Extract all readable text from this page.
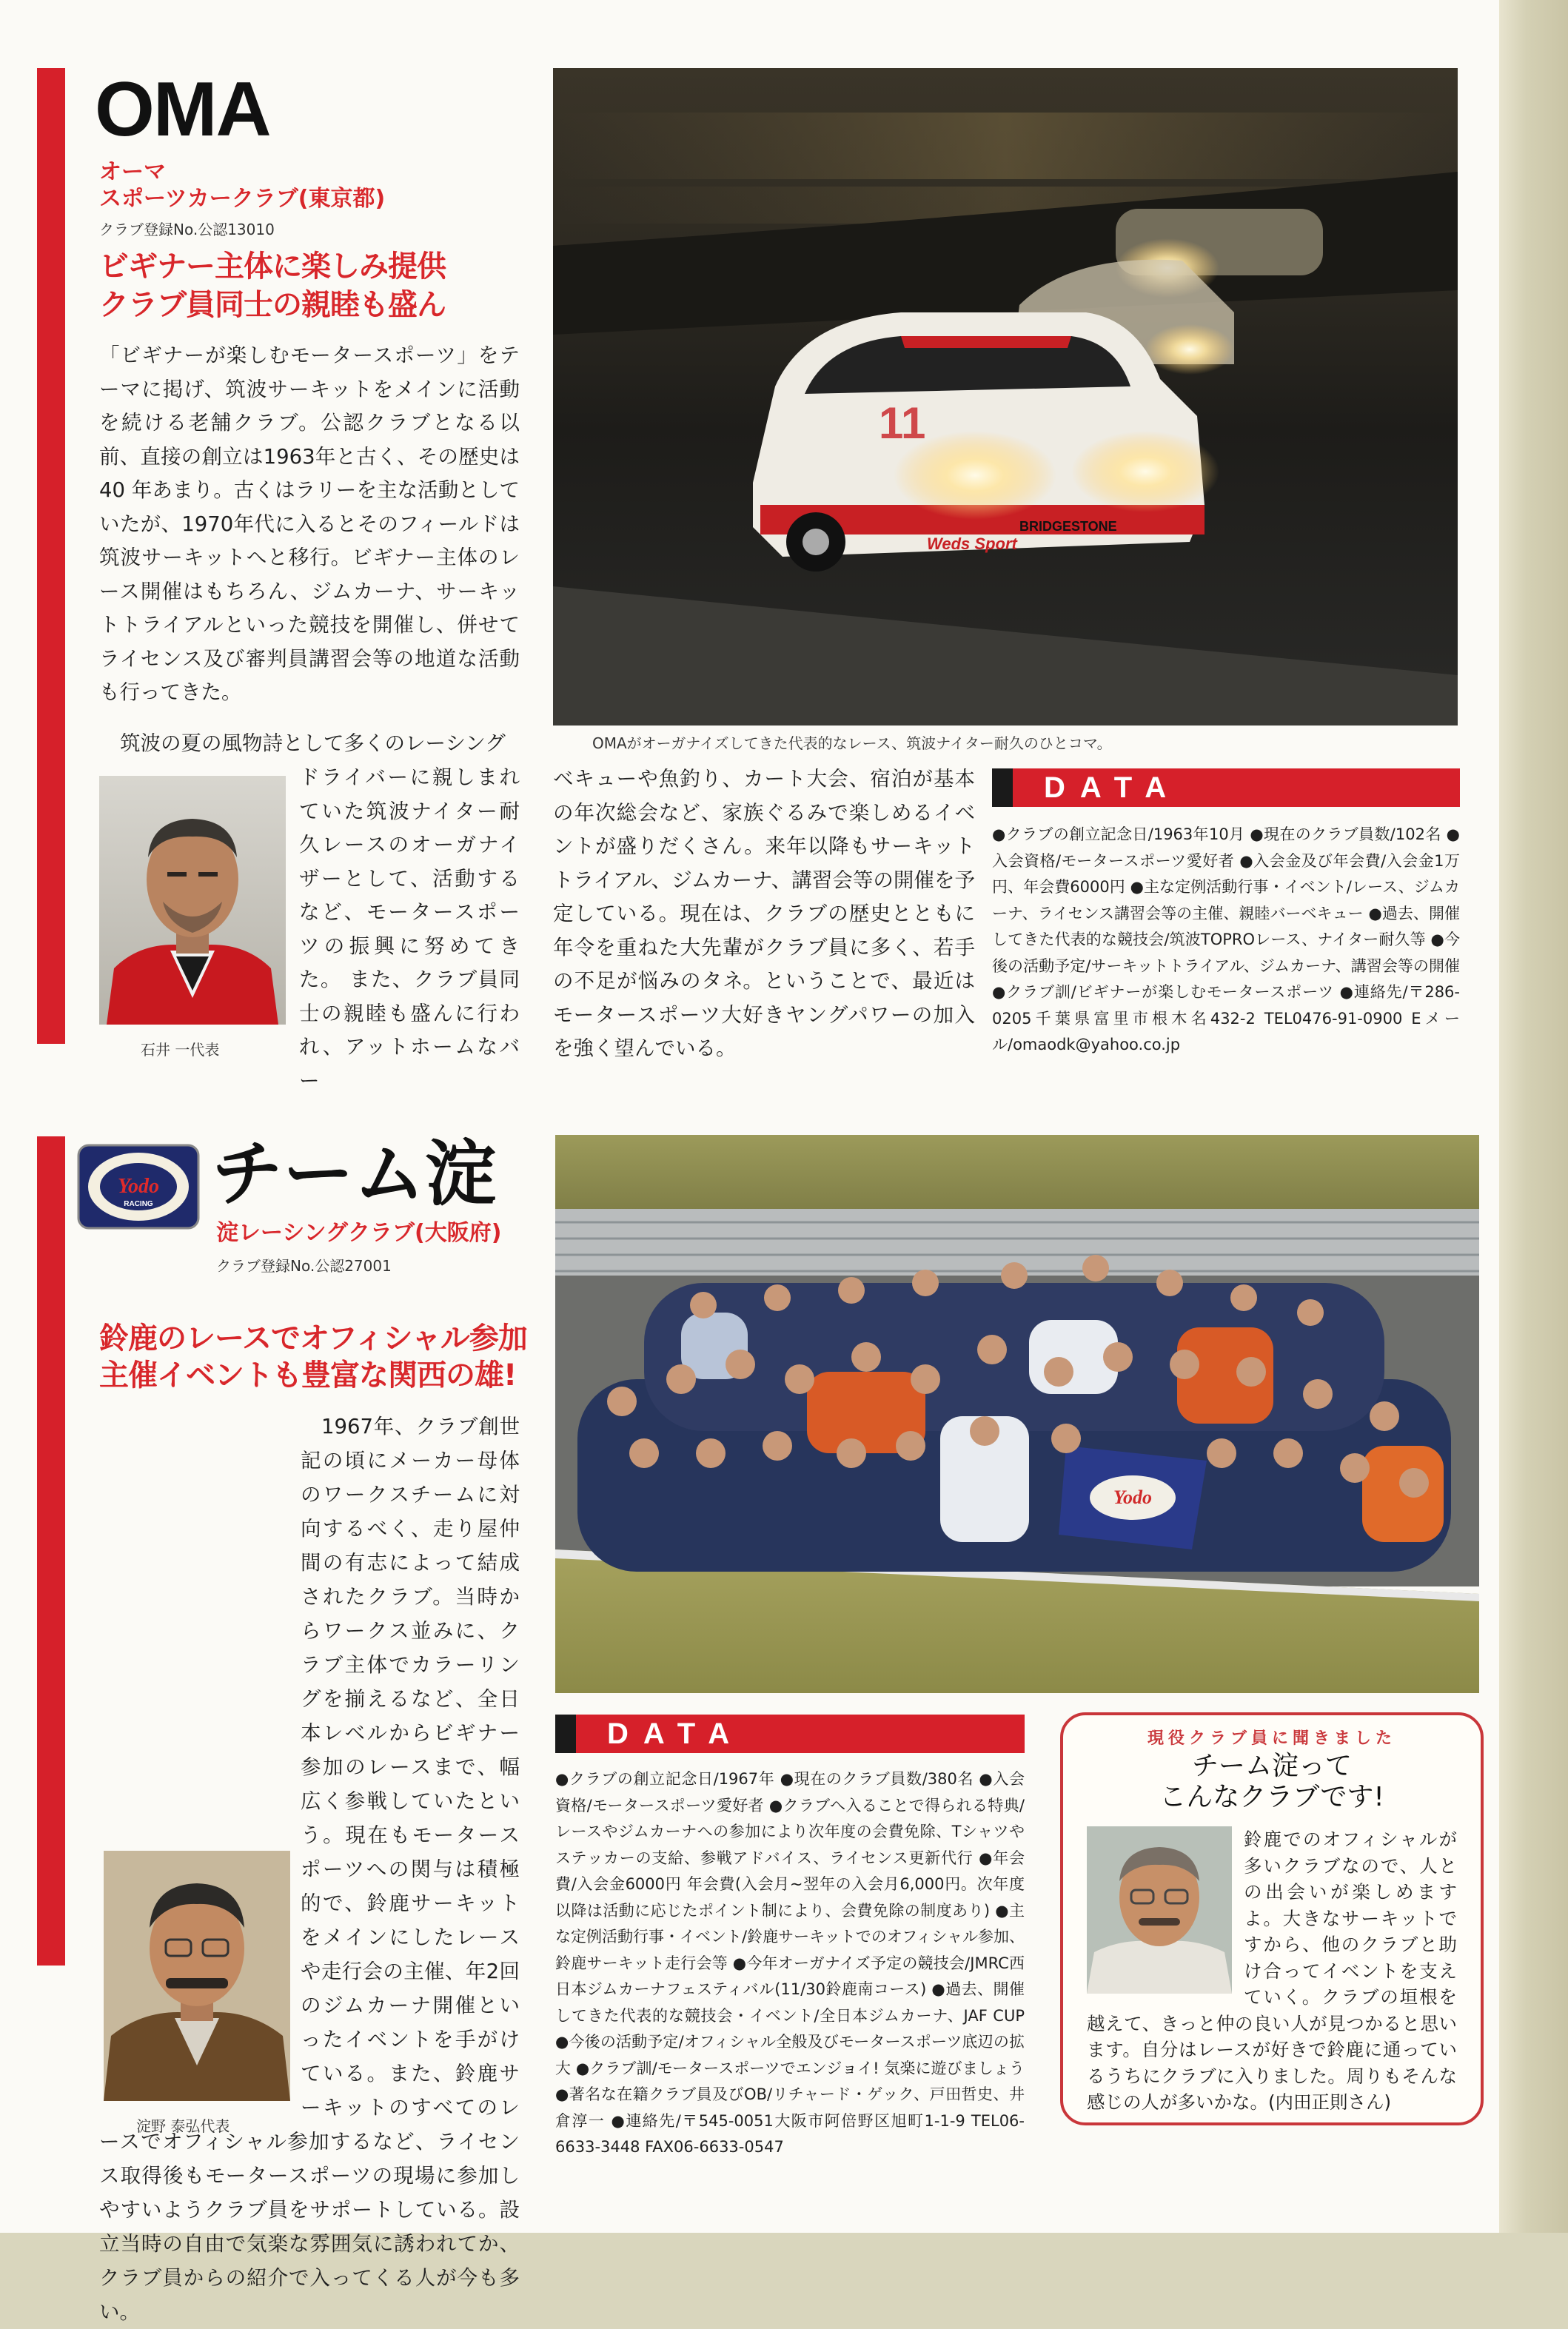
OMA

オーマ

スポーツカークラブ(東京都)

クラブ登録No.公認13010

ビギナー主体に楽しみ提供

クラブ員同士の親睦も盛ん

「ビギナーが楽しむモータースポーツ」をテーマに掲げ、筑波サーキットをメインに活動を続ける老舗クラブ。公認クラブとなる以前、直接の創立は1963年と古く、その歴史は40 年あまり。古くはラリーを主な活動としていたが、1970年代に入るとそのフィールドは筑波サーキットへと移行。ビギナー主体のレース開催はもちろん、ジムカーナ、サーキットトライアルといった競技を開催し、併せてライセンス及び審判員講習会等の地道な活動も行ってきた。
筑波の夏の風物詩として多くのレーシング
ドライバーに親しまれていた筑波ナイター耐久レースのオーガナイザーとして、活動するなど、モータースポーツの振興に努めてきた。 また、クラブ員同士の親睦も盛んに行われ、アットホームなバー
石井 一代表
Weds Sport
BRIDGESTONE
11
OMAがオーガナイズしてきた代表的なレース、筑波ナイター耐久のひとコマ。
ベキューや魚釣り、カート大会、宿泊が基本の年次総会など、家族ぐるみで楽しめるイベントが盛りだくさん。来年以降もサーキットトライアル、ジムカーナ、講習会等の開催を予定している。現在は、クラブの歴史とともに年令を重ねた大先輩がクラブ員に多く、若手の不足が悩みのタネ。ということで、最近はモータースポーツ大好きヤングパワーの加入を強く望んでいる。
DATA
●クラブの創立記念日/1963年10月 ●現在のクラブ員数/102名 ●入会資格/モータースポーツ愛好者 ●入会金及び年会費/入会金1万円、年会費6000円 ●主な定例活動行事・イベント/レース、ジムカーナ、ライセンス講習会等の主催、親睦バーベキュー ●過去、開催してきた代表的な競技会/筑波TOPROレース、ナイター耐久等 ●今後の活動予定/サーキットトライアル、ジムカーナ、講習会等の開催 ●クラブ訓/ビギナーが楽しむモータースポーツ ●連絡先/〒286-0205千葉県富里市根木名432-2 TEL0476-91-0900 Eメール/omaodk@yahoo.co.jp
Yodo
RACING チーム淀

淀レーシングクラブ(大阪府)

クラブ登録No.公認27001

鈴鹿のレースでオフィシャル参加

主催イベントも豊富な関西の雄!

1967年、クラブ創世記の頃にメーカー母体のワークスチームに対向するべく、走り屋仲間の有志によって結成されたクラブ。当時からワークス並みに、クラブ主体でカラーリングを揃えるなど、全日本レベルからビギナー参加のレースまで、幅広く参戦していたという。現在もモータースポーツへの関与は積極的で、鈴鹿サーキットをメインにしたレースや走行会の主催、年2回のジムカーナ開催といったイベントを手がけている。また、鈴鹿サーキットのすべてのレースでオフィシャル参加するなど、ライセンス取得後もモータースポーツの現場に参加しやすいようクラブ員をサポートしている。設立当時の自由で気楽な雰囲気に誘われてか、クラブ員からの紹介で入ってくる人が今も多い。
淀野 泰弘代表
Yodo
DATA
●クラブの創立記念日/1967年 ●現在のクラブ員数/380名 ●入会資格/モータースポーツ愛好者 ●クラブへ入ることで得られる特典/レースやジムカーナへの参加により次年度の会費免除、Tシャツやステッカーの支給、参戦アドバイス、ライセンス更新代行 ●年会費/入会金6000円 年会費(入会月~翌年の入会月6,000円。次年度以降は活動に応じたポイント制により、会費免除の制度あり) ●主な定例活動行事・イベント/鈴鹿サーキットでのオフィシャル参加、鈴鹿サーキット走行会等 ●今年オーガナイズ予定の競技会/JMRC西日本ジムカーナフェスティバル(11/30鈴鹿南コース) ●過去、開催してきた代表的な競技会・イベント/全日本ジムカーナ、JAF CUP ●今後の活動予定/オフィシャル全般及びモータースポーツ底辺の拡大 ●クラブ訓/モータースポーツでエンジョイ! 気楽に遊びましょう ●著名な在籍クラブ員及びOB/リチャード・ゲック、戸田哲史、井倉淳一 ●連絡先/〒545-0051大阪市阿倍野区旭町1-1-9 TEL06-6633-3448 FAX06-6633-0547
現役クラブ員に聞きました
チーム淀って
こんなクラブです!
鈴鹿でのオフィシャルが多いクラブなので、人との出会いが楽しめますよ。大きなサーキットですから、他のクラブと助け合ってイベントを支えていく。クラブの垣根を越えて、きっと仲の良い人が見つかると思います。自分はレースが好きで鈴鹿に通っているうちにクラブに入りました。周りもそんな感じの人が多いかな。(内田正則さん)
